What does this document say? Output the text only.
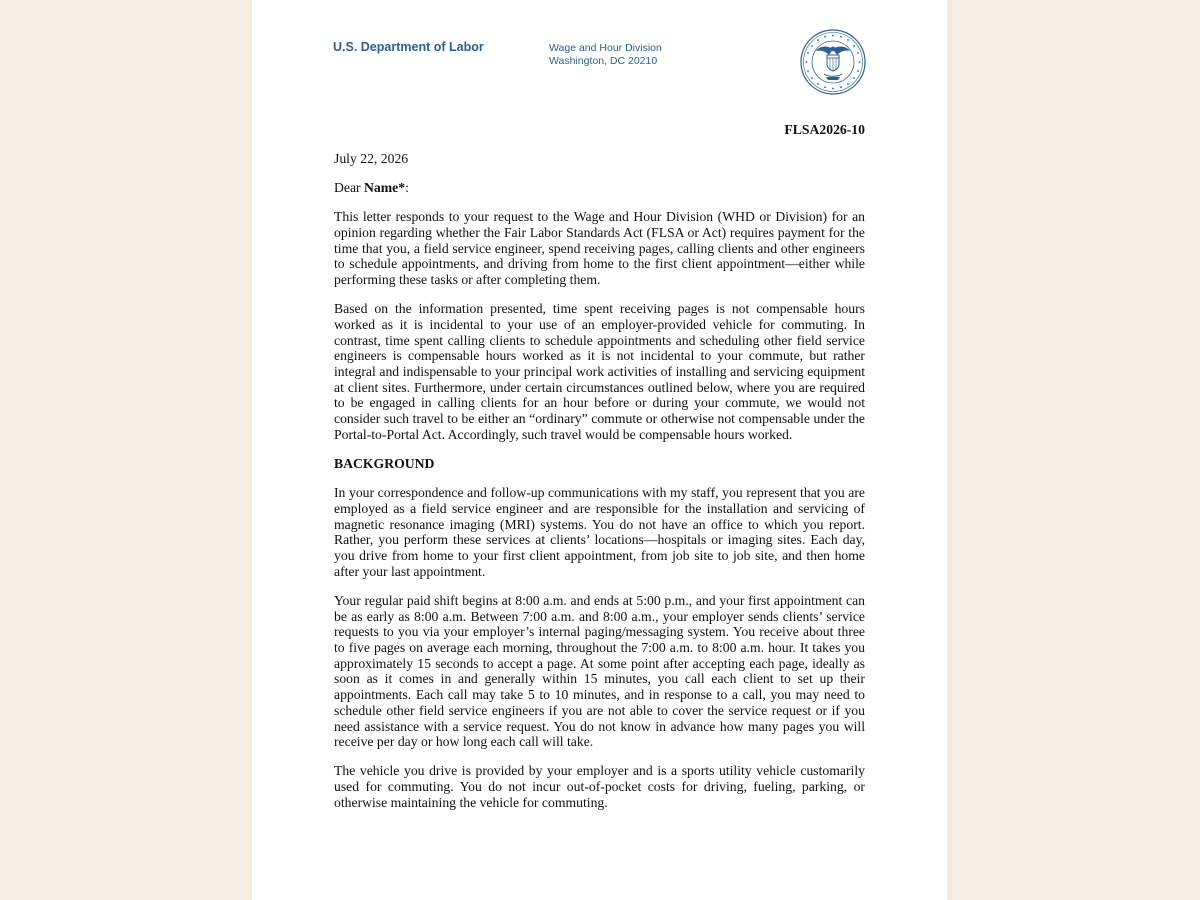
U.S. Department of Labor	Wage and Hour Division
Washington, DC 20210
FLSA2026-10

July 22, 2026

Dear Name*:

This letter responds to your request to the Wage and Hour Division (WHD or Division) for an opinion regarding whether the Fair Labor Standards Act (FLSA or Act) requires payment for the time that you, a field service engineer, spend receiving pages, calling clients and other engineers to schedule appointments, and driving from home to the first client appointment—either while performing these tasks or after completing them.

Based on the information presented, time spent receiving pages is not compensable hours worked as it is incidental to your use of an employer-provided vehicle for commuting. In contrast, time spent calling clients to schedule appointments and scheduling other field service engineers is compensable hours worked as it is not incidental to your commute, but rather integral and indispensable to your principal work activities of installing and servicing equipment at client sites. Furthermore, under certain circumstances outlined below, where you are required to be engaged in calling clients for an hour before or during your commute, we would not consider such travel to be either an “ordinary” commute or otherwise not compensable under the Portal-to-Portal Act. Accordingly, such travel would be compensable hours worked.

BACKGROUND

In your correspondence and follow-up communications with my staff, you represent that you are employed as a field service engineer and are responsible for the installation and servicing of magnetic resonance imaging (MRI) systems. You do not have an office to which you report. Rather, you perform these services at clients’ locations—hospitals or imaging sites. Each day, you drive from home to your first client appointment, from job site to job site, and then home after your last appointment.

Your regular paid shift begins at 8:00 a.m. and ends at 5:00 p.m., and your first appointment can be as early as 8:00 a.m. Between 7:00 a.m. and 8:00 a.m., your employer sends clients’ service requests to you via your employer’s internal paging/messaging system. You receive about three to five pages on average each morning, throughout the 7:00 a.m. to 8:00 a.m. hour. It takes you approximately 15 seconds to accept a page. At some point after accepting each page, ideally as soon as it comes in and generally within 15 minutes, you call each client to set up their appointments. Each call may take 5 to 10 minutes, and in response to a call, you may need to schedule other field service engineers if you are not able to cover the service request or if you need assistance with a service request. You do not know in advance how many pages you will receive per day or how long each call will take.

The vehicle you drive is provided by your employer and is a sports utility vehicle customarily used for commuting. You do not incur out-of-pocket costs for driving, fueling, parking, or otherwise maintaining the vehicle for commuting.
